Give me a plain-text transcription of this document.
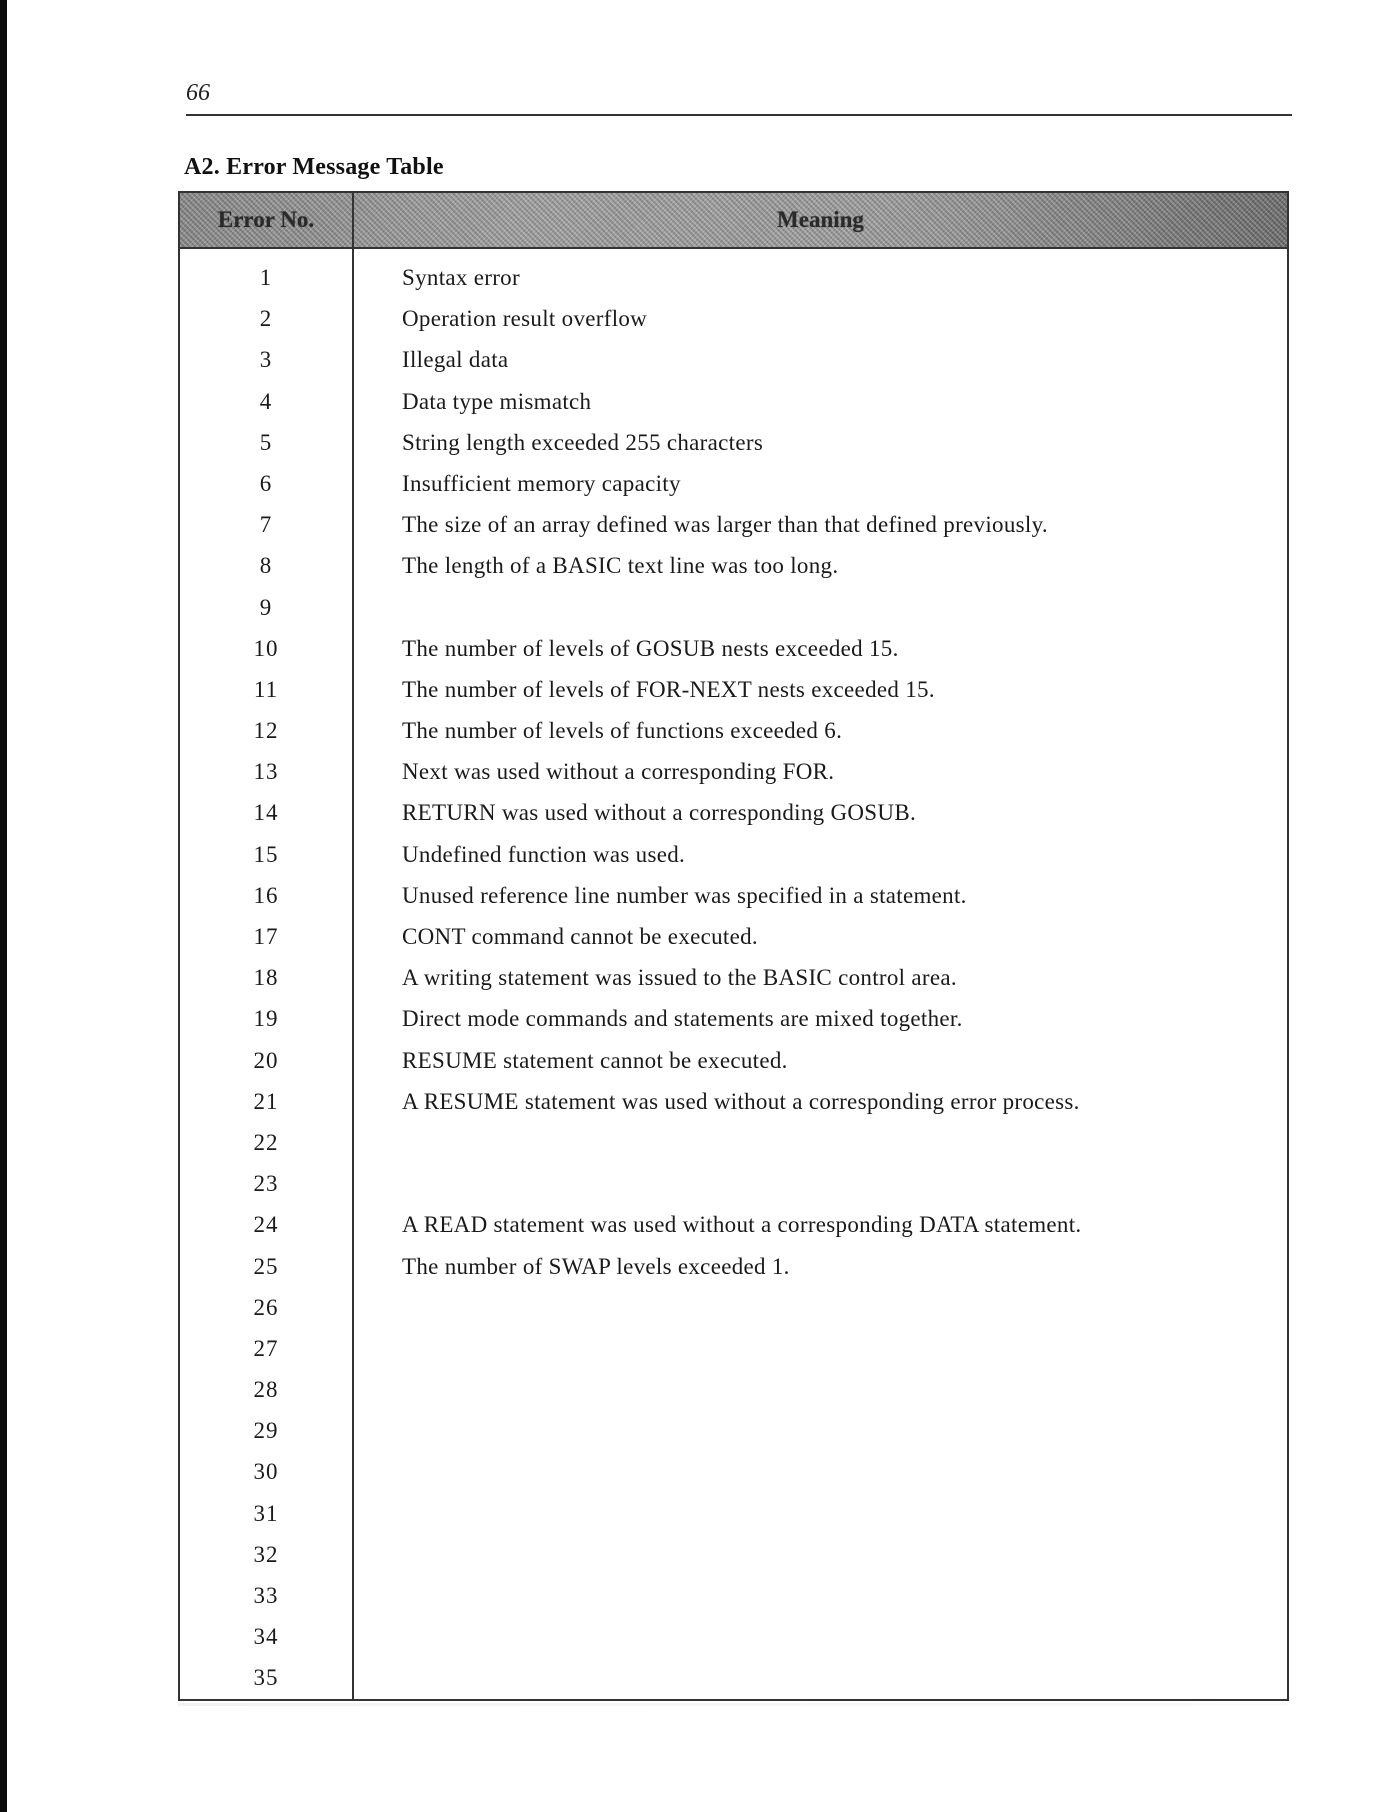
66
A2. Error Message Table
Error No.	Meaning
1	Syntax error
2	Operation result overflow
3	Illegal data
4	Data type mismatch
5	String length exceeded 255 characters
6	Insufficient memory capacity
7	The size of an array defined was larger than that defined previously.
8	The length of a BASIC text line was too long.
9
10	The number of levels of GOSUB nests exceeded 15.
11	The number of levels of FOR-NEXT nests exceeded 15.
12	The number of levels of functions exceeded 6.
13	Next was used without a corresponding FOR.
14	RETURN was used without a corresponding GOSUB.
15	Undefined function was used.
16	Unused reference line number was specified in a statement.
17	CONT command cannot be executed.
18	A writing statement was issued to the BASIC control area.
19	Direct mode commands and statements are mixed together.
20	RESUME statement cannot be executed.
21	A RESUME statement was used without a corresponding error process.
22
23
24	A READ statement was used without a corresponding DATA statement.
25	The number of SWAP levels exceeded 1.
26
27
28
29
30
31
32
33
34
35
